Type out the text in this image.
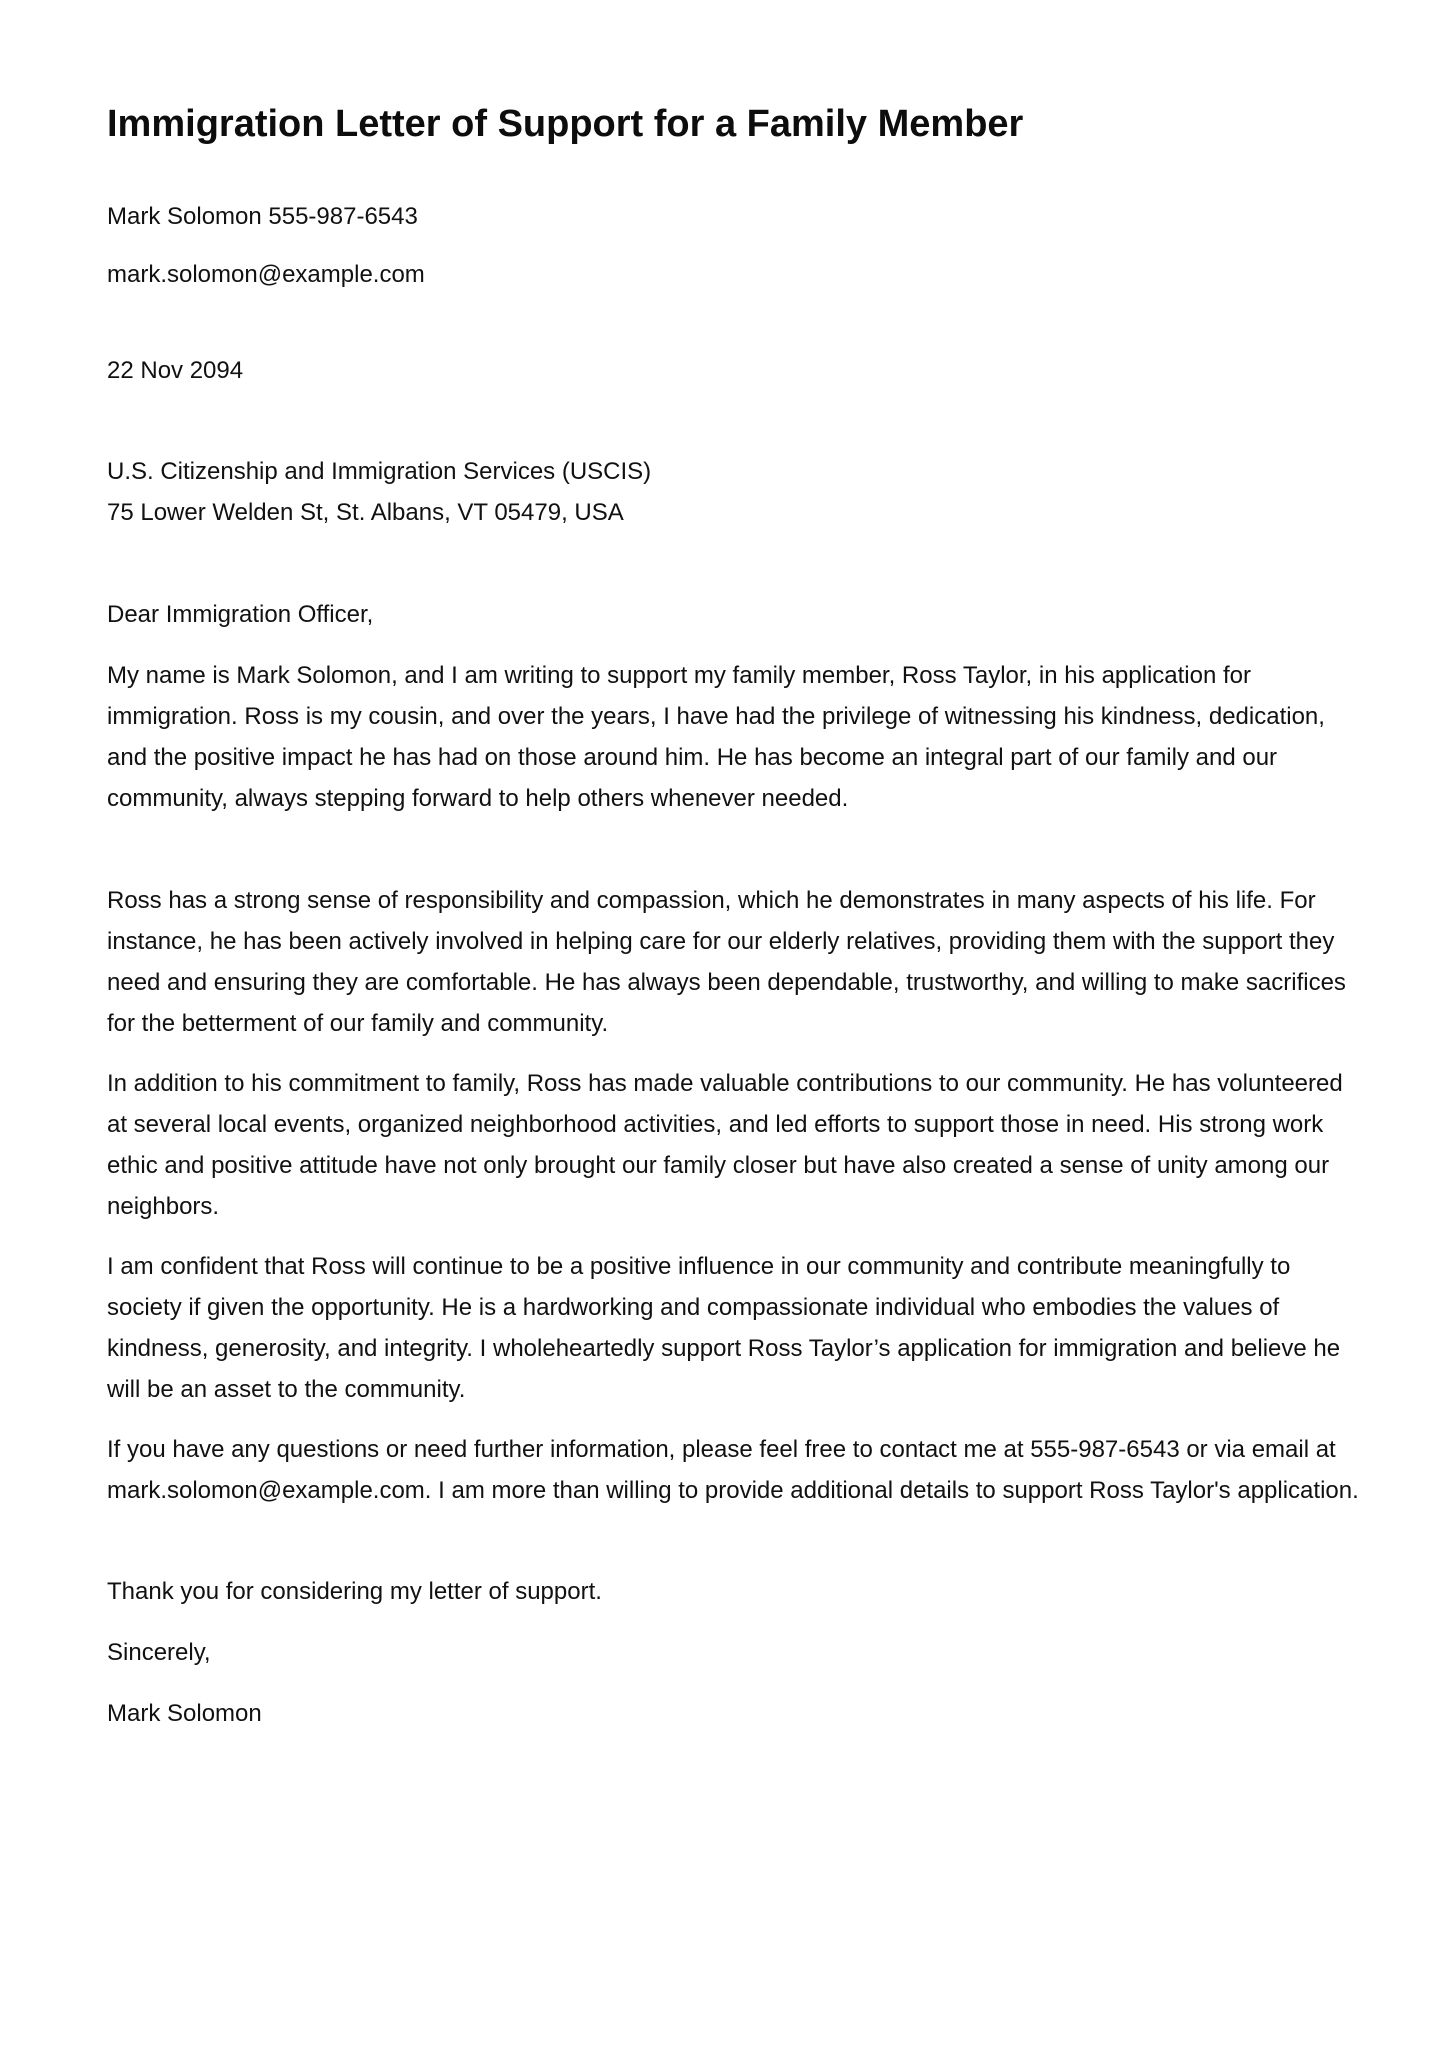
Immigration Letter of Support for a Family Member
Mark Solomon 555-987-6543
mark.solomon@example.com
22 Nov 2094
U.S. Citizenship and Immigration Services (USCIS)
75 Lower Welden St, St. Albans, VT 05479, USA
Dear Immigration Officer,

My name is Mark Solomon, and I am writing to support my family member, Ross Taylor, in his application for immigration. Ross is my cousin, and over the years, I have had the privilege of witnessing his kindness, dedication, and the positive impact he has had on those around him. He has become an integral part of our family and our community, always stepping forward to help others whenever needed.

Ross has a strong sense of responsibility and compassion, which he demonstrates in many aspects of his life. For instance, he has been actively involved in helping care for our elderly relatives, providing them with the support they need and ensuring they are comfortable. He has always been dependable, trustworthy, and willing to make sacrifices for the betterment of our family and community.

In addition to his commitment to family, Ross has made valuable contributions to our community. He has volunteered at several local events, organized neighborhood activities, and led efforts to support those in need. His strong work ethic and positive attitude have not only brought our family closer but have also created a sense of unity among our neighbors.

I am confident that Ross will continue to be a positive influence in our community and contribute meaningfully to society if given the opportunity. He is a hardworking and compassionate individual who embodies the values of kindness, generosity, and integrity. I wholeheartedly support Ross Taylor’s application for immigration and believe he will be an asset to the community.

If you have any questions or need further information, please feel free to contact me at 555-987-6543 or via email at mark.solomon@example.com. I am more than willing to provide additional details to support Ross Taylor's application.

Thank you for considering my letter of support.

Sincerely,
Mark Solomon
